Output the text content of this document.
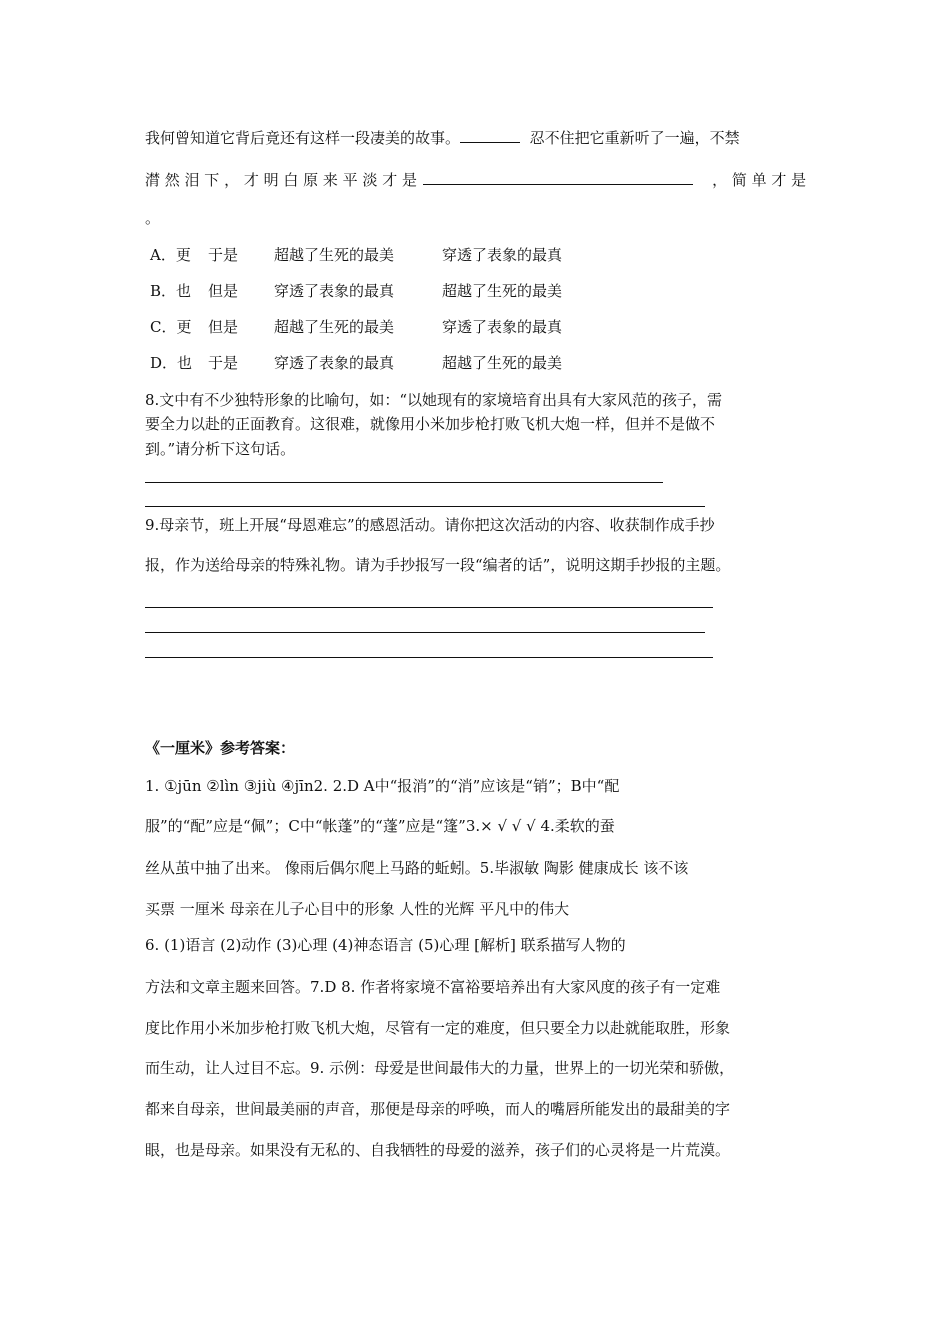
我何曾知道它背后竟还有这样一段凄美的故事。	忍不住把它重新听了一遍，不禁
潸 然 泪 下 ， 才 明 白 原 来 平 淡 才 是	， 简 单 才 是
。
A．更 于是 超越了生死的最美	穿透了表象的最真
B．也 但是 穿透了表象的最真	超越了生死的最美
C．更 但是 超越了生死的最美	穿透了表象的最真
D．也 于是 穿透了表象的最真	超越了生死的最美
8.文中有不少独特形象的比喻句，如：“以她现有的家境培育出具有大家风范的孩子，需
要全力以赴的正面教育。这很难，就像用小米加步枪打败飞机大炮一样，但并不是做不
到。”请分析下这句话。
9.母亲节，班上开展“母恩难忘”的感恩活动。请你把这次活动的内容、收获制作成手抄
报，作为送给母亲的特殊礼物。请为手抄报写一段“编者的话”，说明这期手抄报的主题。
《一厘米》参考答案：
1. ①jūn ②lìn ③jiù ④jīn2. 2.D A中“报消”的“消”应该是“销”；B中“配
服”的“配”应是“佩”；C中“帐蓬”的“蓬”应是“篷”3.× √ √ √ 4.柔软的蚕
丝从茧中抽了出来。 像雨后偶尔爬上马路的蚯蚓。5.毕淑敏 陶影 健康成长 该不该
买票 一厘米 母亲在儿子心目中的形象 人性的光辉 平凡中的伟大
6. (1)语言 (2)动作 (3)心理 (4)神态语言 (5)心理 [解析] 联系描写人物的
方法和文章主题来回答。7.D 8. 作者将家境不富裕要培养出有大家风度的孩子有一定难
度比作用小米加步枪打败飞机大炮，尽管有一定的难度，但只要全力以赴就能取胜，形象
而生动，让人过目不忘。9. 示例：母爱是世间最伟大的力量，世界上的一切光荣和骄傲，
都来自母亲，世间最美丽的声音，那便是母亲的呼唤，而人的嘴唇所能发出的最甜美的字
眼，也是母亲。如果没有无私的、自我牺牲的母爱的滋养，孩子们的心灵将是一片荒漠。
